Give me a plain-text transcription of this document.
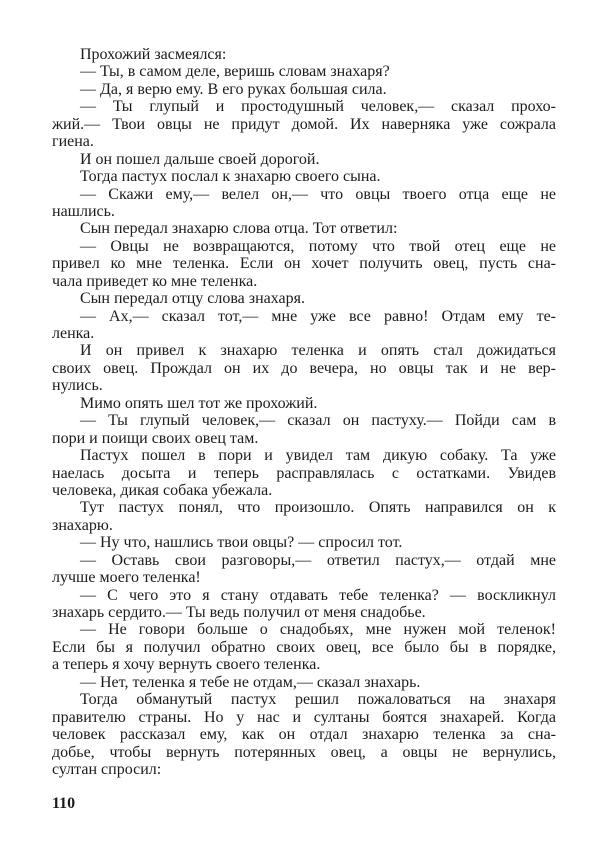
Прохожий засмеялся:
— Ты, в самом деле, веришь словам знахаря?
— Да, я верю ему. В его руках большая сила.
— Ты глупый и простодушный человек,— сказал прохо-
жий.— Твои овцы не придут домой. Их наверняка уже сожрала
гиена.
И он пошел дальше своей дорогой.
Тогда пастух послал к знахарю своего сына.
— Скажи ему,— велел он,— что овцы твоего отца еще не
нашлись.
Сын передал знахарю слова отца. Тот ответил:
— Овцы не возвращаются, потому что твой отец еще не
привел ко мне теленка. Если он хочет получить овец, пусть сна-
чала приведет ко мне теленка.
Сын передал отцу слова знахаря.
— Ах,— сказал тот,— мне уже все равно! Отдам ему те-
ленка.
И он привел к знахарю теленка и опять стал дожидаться
своих овец. Прождал он их до вечера, но овцы так и не вер-
нулись.
Мимо опять шел тот же прохожий.
— Ты глупый человек,— сказал он пастуху.— Пойди сам в
пори и поищи своих овец там.
Пастух пошел в пори и увидел там дикую собаку. Та уже
наелась досыта и теперь расправлялась с остатками. Увидев
человека, дикая собака убежала.
Тут пастух понял, что произошло. Опять направился он к
знахарю.
— Ну что, нашлись твои овцы? — спросил тот.
— Оставь свои разговоры,— ответил пастух,— отдай мне
лучше моего теленка!
— С чего это я стану отдавать тебе теленка? — воскликнул
знахарь сердито.— Ты ведь получил от меня снадобье.
— Не говори больше о снадобьях, мне нужен мой теленок!
Если бы я получил обратно своих овец, все было бы в порядке,
а теперь я хочу вернуть своего теленка.
— Нет, теленка я тебе не отдам,— сказал знахарь.
Тогда обманутый пастух решил пожаловаться на знахаря
правителю страны. Но у нас и султаны боятся знахарей. Когда
человек рассказал ему, как он отдал знахарю теленка за сна-
добье, чтобы вернуть потерянных овец, а овцы не вернулись,
султан спросил:
110
